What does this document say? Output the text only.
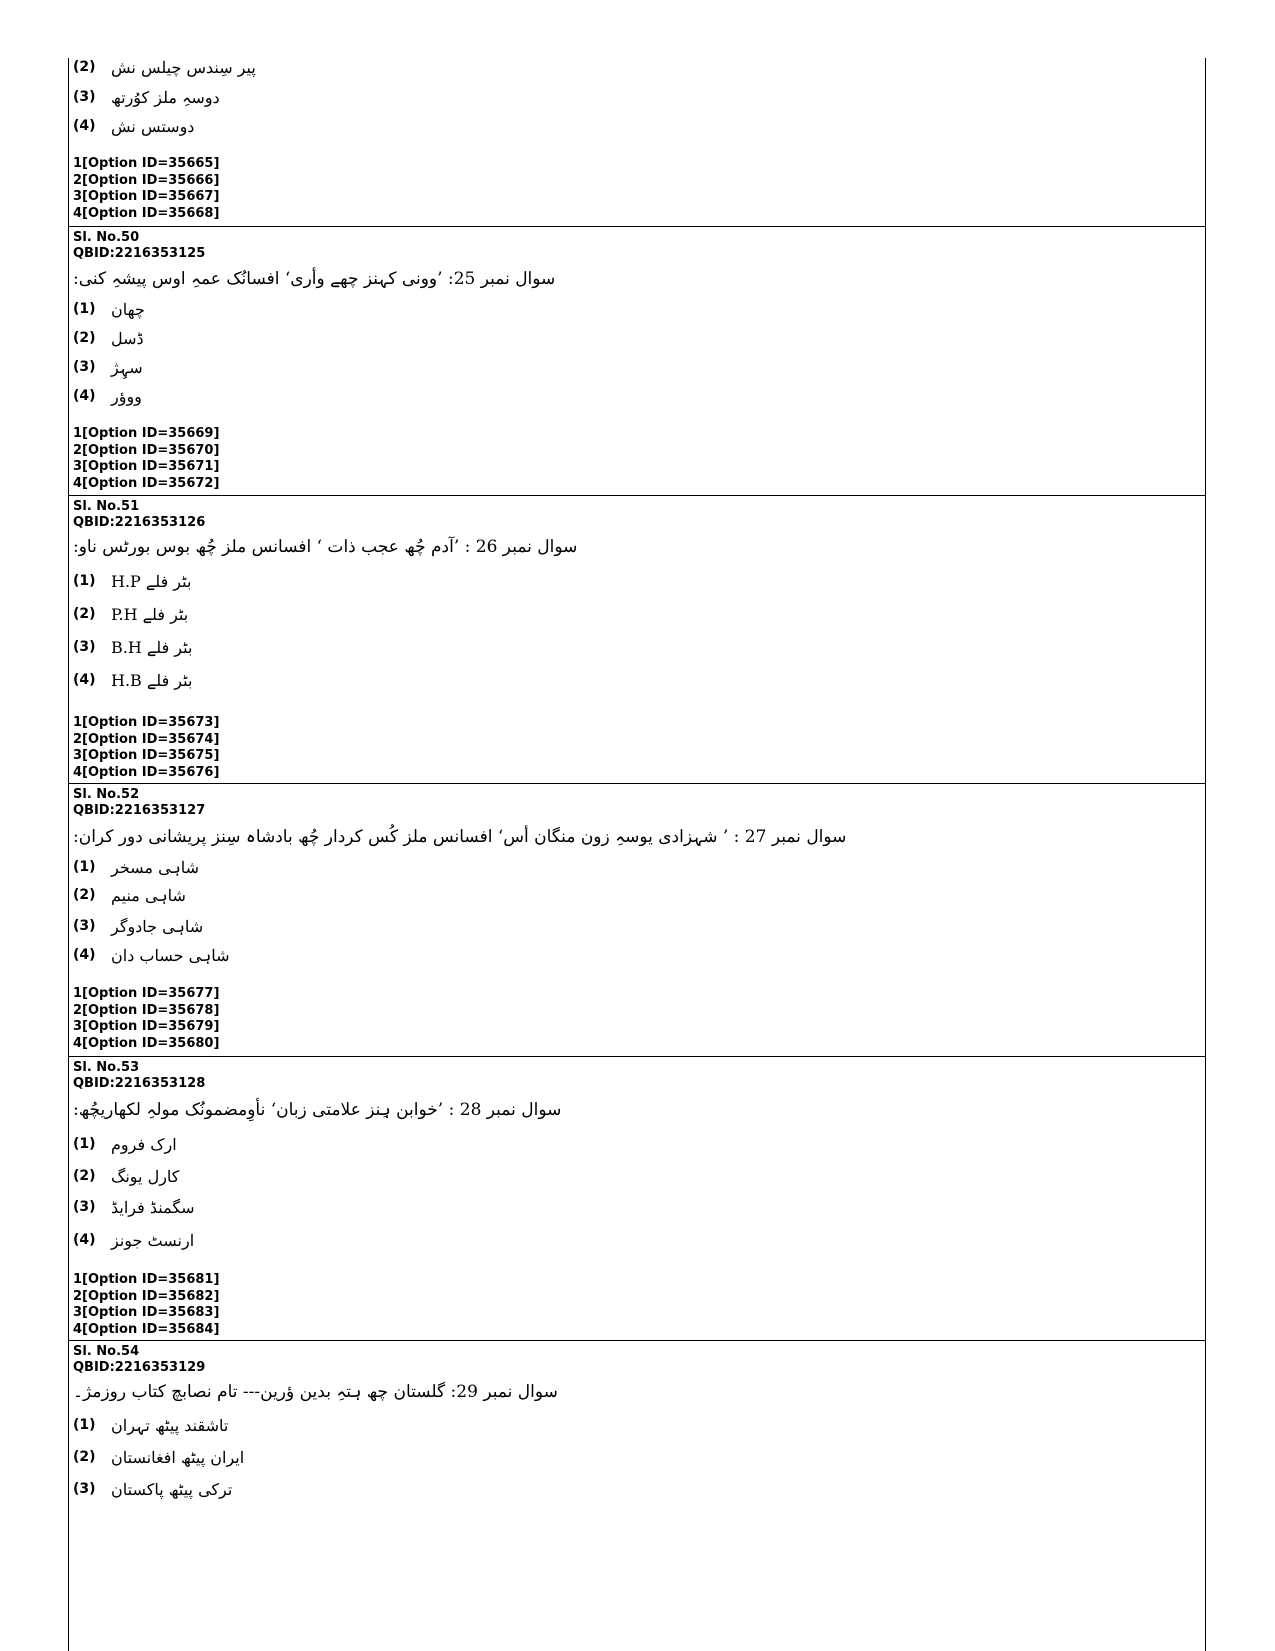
(2) پیر سِندس چیلس نش
(3) دوسہِ ملز کوُرتھ
(4) دوستس نش
1[Option ID=35665]
2[Option ID=35666]
3[Option ID=35667]
4[Option ID=35668]
Sl. No.50
QBID:2216353125
سوال نمبر 25: ’وونی کہنز چھے وأری‘ افسانُک عمہِ اوس پیشہِ کنی:
(1) چھان
(2) ڈسل
(3) سہِژ
(4) ووؤر
1[Option ID=35669]
2[Option ID=35670]
3[Option ID=35671]
4[Option ID=35672]
Sl. No.51
QBID:2216353126
سوال نمبر 26 : ’آدم چُھ عجب ذات ‘ افسانس ملز چُھ بوس بورٹس ناو:
(1) H.P بٹر فلے
(2) P.H بٹر فلے
(3) B.H بٹر فلے
(4) H.B بٹر فلے
1[Option ID=35673]
2[Option ID=35674]
3[Option ID=35675]
4[Option ID=35676]
Sl. No.52
QBID:2216353127
سوال نمبر 27 : ’ شہزادی یوسہِ زون منگان أس‘ افسانس ملز کُس کردار چُھ بادشاہ سِنز پریشانی دور کران:
(1) شاہی مسخر
(2) شاہی منیم
(3) شاہی جادوگر
(4) شاہی حساب دان
1[Option ID=35677]
2[Option ID=35678]
3[Option ID=35679]
4[Option ID=35680]
Sl. No.53
QBID:2216353128
سوال نمبر 28 : ’خوابن ہِنز علامتی زبان‘ نأوِمضمونُک مولہِ لکھاریچُھ:
(1) ارک فروم
(2) کارل یونگ
(3) سگمنڈ فرایڈ
(4) ارنسٹ جونز
1[Option ID=35681]
2[Option ID=35682]
3[Option ID=35683]
4[Option ID=35684]
Sl. No.54
QBID:2216353129
سوال نمبر 29: گلستان چھ ہتہِ بدین ؤرین--- تام نصابچ کتاب روزمژ۔
(1) تاشقند پیٹھ تہران
(2) ایران پیٹھ افغانستان
(3) ترکی پیٹھ پاکستان
